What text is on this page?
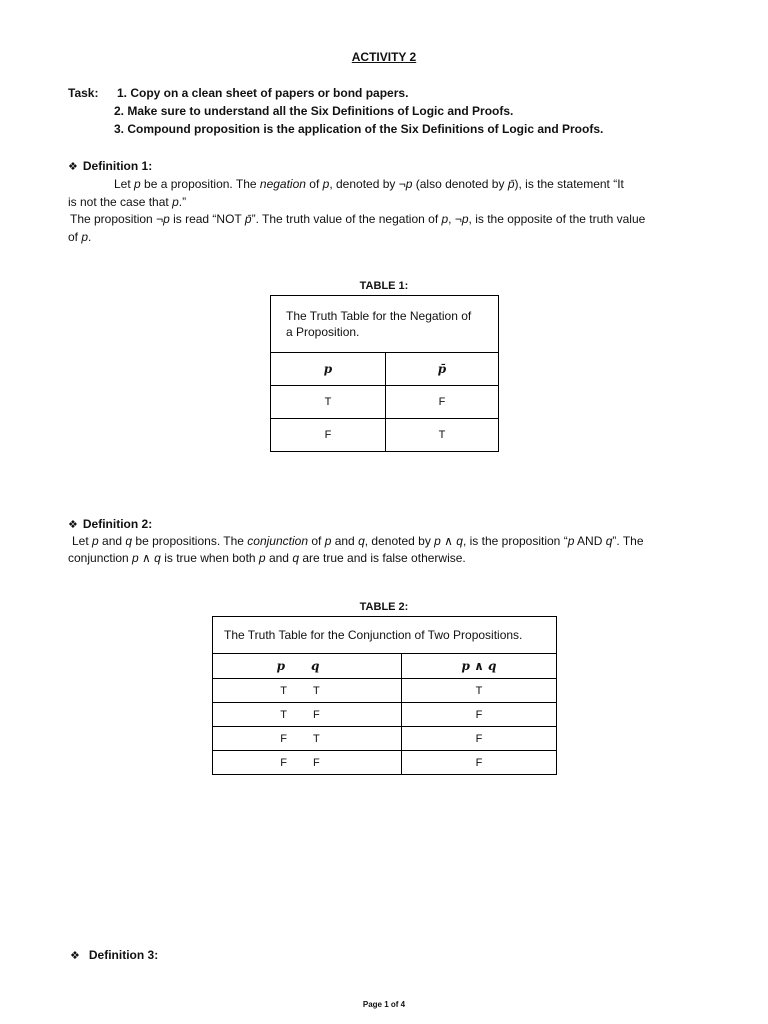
ACTIVITY 2
Task: 1. Copy on a clean sheet of papers or bond papers.
2. Make sure to understand all the Six Definitions of Logic and Proofs.
3. Compound proposition is the application of the Six Definitions of Logic and Proofs.
❖ Definition 1:
Let p be a proposition. The negation of p, denoted by ¬p (also denoted by p̄), is the statement “It
is not the case that p.”
The proposition ¬p is read “NOT p̄”. The truth value of the negation of p, ¬p, is the opposite of the truth value
of p.
TABLE 1:
The Truth Table for the Negation of a Proposition.	
p	p̄
T	F
F	T
❖ Definition 2:
Let p and q be propositions. The conjunction of p and q, denoted by p ∧ q, is the proposition “p AND q”. The
conjunction p ∧ q is true when both p and q are true and is false otherwise.
TABLE 2:
The Truth Table for the Conjunction of Two Propositions.		
p	q	p ∧ q
T	T	T
T	F	F
F	T	F
F	F	F
❖ Definition 3:
Page 1 of 4
